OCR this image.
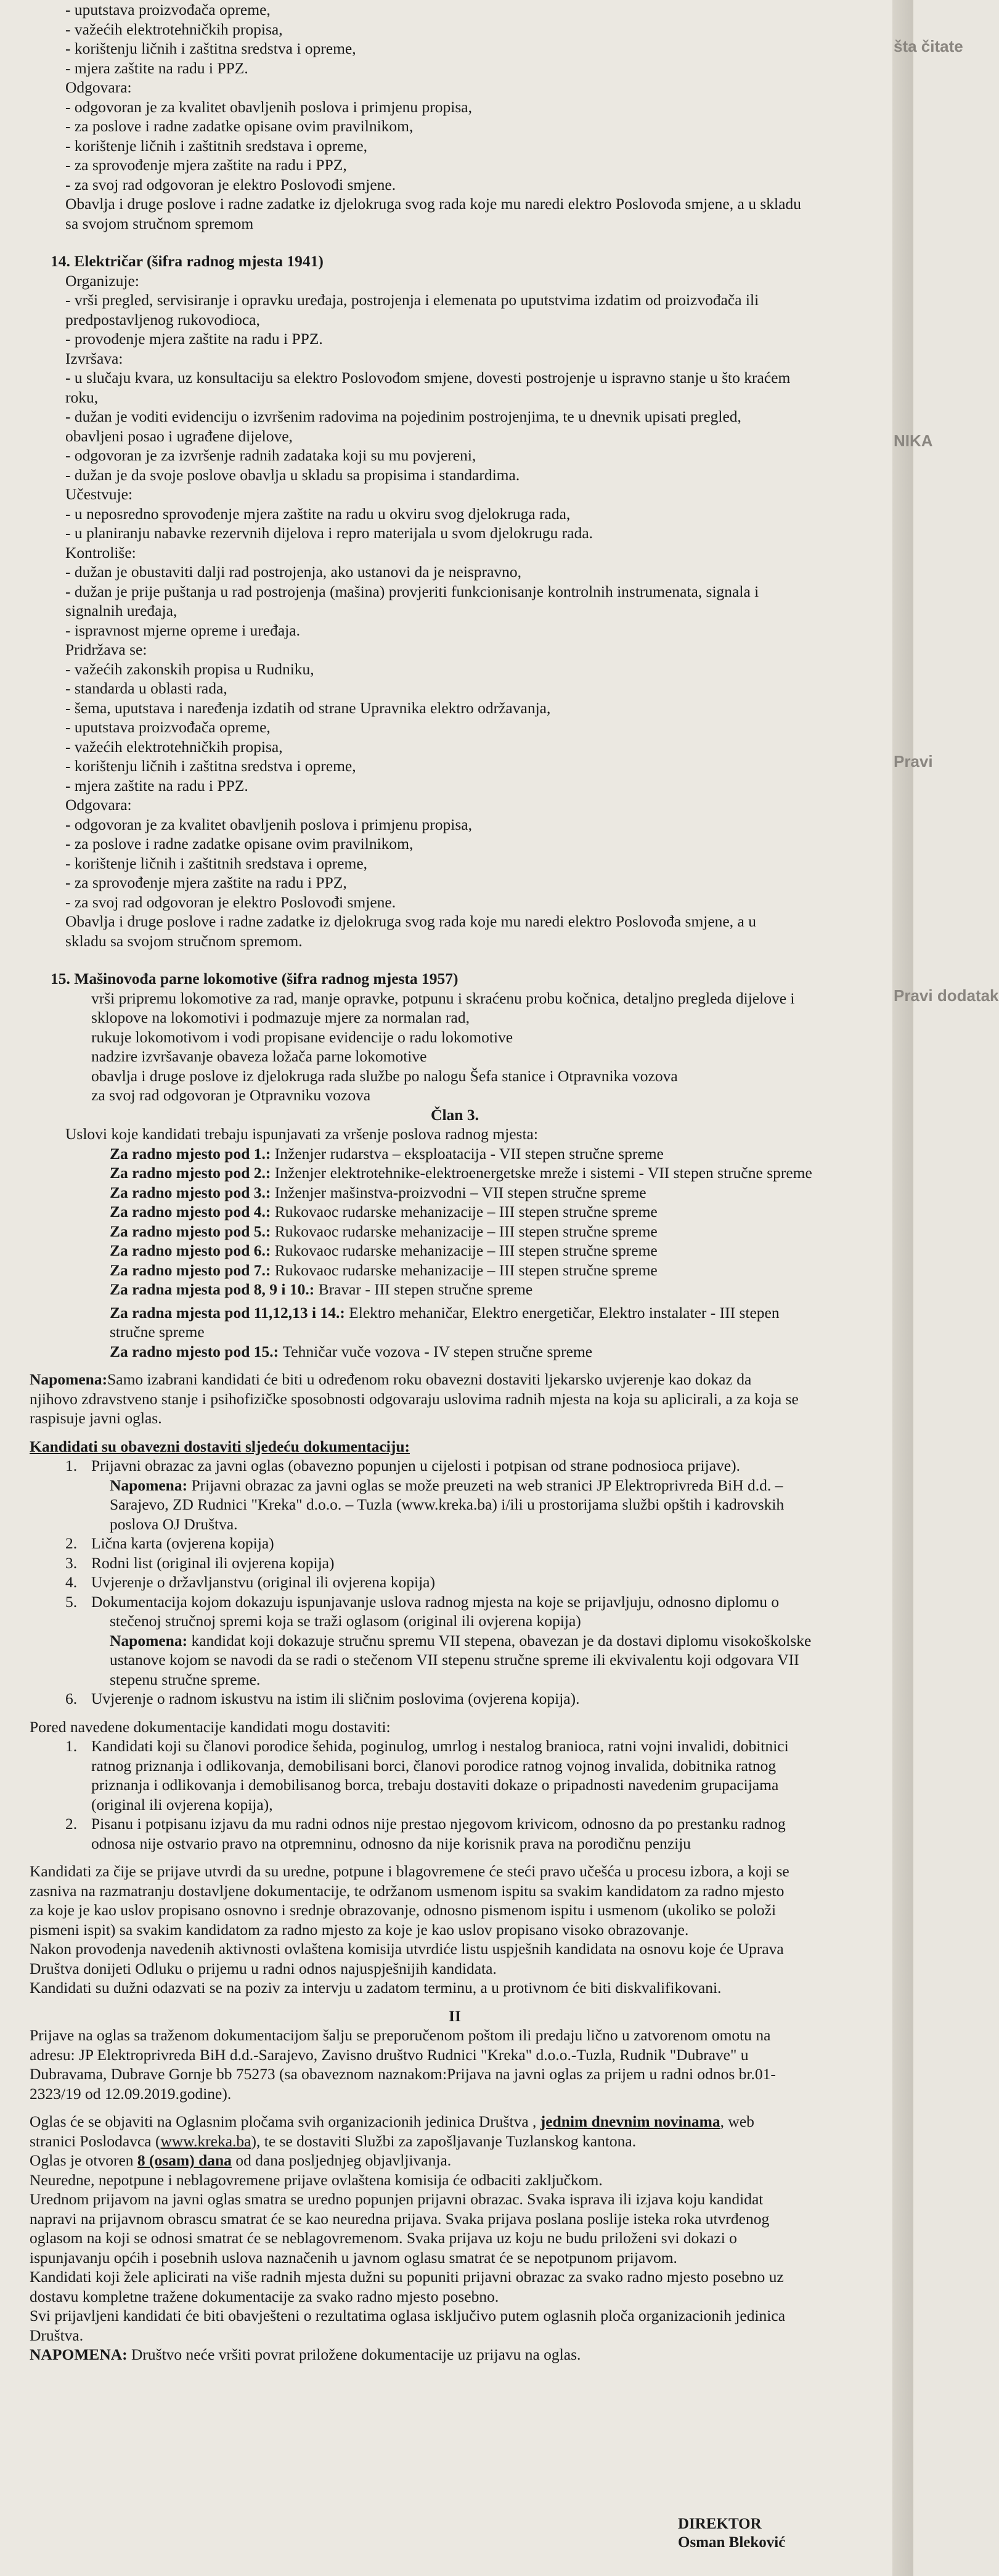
šta čitate
NIKA
Pravi
Pravi dodatak
- uputstava proizvođača opreme,
- važećih elektrotehničkih propisa,
- korištenju ličnih i zaštitna sredstva i opreme,
- mjera zaštite na radu i PPZ.
Odgovara:
- odgovoran je za kvalitet obavljenih poslova i primjenu propisa,
- za poslove i radne zadatke opisane ovim pravilnikom,
- korištenje ličnih i zaštitnih sredstava i opreme,
- za sprovođenje mjera zaštite na radu i PPZ,
- za svoj rad odgovoran je elektro Poslovođi smjene.
Obavlja i druge poslove i radne zadatke iz djelokruga svog rada koje mu naredi elektro Poslovođa smjene, a u skladu
sa svojom stručnom spremom
14. Električar (šifra radnog mjesta 1941)
Organizuje:
- vrši pregled, servisiranje i opravku uređaja, postrojenja i elemenata po uputstvima izdatim od proizvođača ili
predpostavljenog rukovodioca,
- provođenje mjera zaštite na radu i PPZ.
Izvršava:
- u slučaju kvara, uz konsultaciju sa elektro Poslovođom smjene, dovesti postrojenje u ispravno stanje u što kraćem
roku,
- dužan je voditi evidenciju o izvršenim radovima na pojedinim postrojenjima, te u dnevnik upisati pregled,
obavljeni posao i ugrađene dijelove,
- odgovoran je za izvršenje radnih zadataka koji su mu povjereni,
- dužan je da svoje poslove obavlja u skladu sa propisima i standardima.
Učestvuje:
- u neposredno sprovođenje mjera zaštite na radu u okviru svog djelokruga rada,
- u planiranju nabavke rezervnih dijelova i repro materijala u svom djelokrugu rada.
Kontroliše:
- dužan je obustaviti dalji rad postrojenja, ako ustanovi da je neispravno,
- dužan je prije puštanja u rad postrojenja (mašina) provjeriti funkcionisanje kontrolnih instrumenata, signala i
signalnih uređaja,
- ispravnost mjerne opreme i uređaja.
Pridržava se:
- važećih zakonskih propisa u Rudniku,
- standarda u oblasti rada,
- šema, uputstava i naređenja izdatih od strane Upravnika elektro održavanja,
- uputstava proizvođača opreme,
- važećih elektrotehničkih propisa,
- korištenju ličnih i zaštitna sredstva i opreme,
- mjera zaštite na radu i PPZ.
Odgovara:
- odgovoran je za kvalitet obavljenih poslova i primjenu propisa,
- za poslove i radne zadatke opisane ovim pravilnikom,
- korištenje ličnih i zaštitnih sredstava i opreme,
- za sprovođenje mjera zaštite na radu i PPZ,
- za svoj rad odgovoran je elektro Poslovođi smjene.
Obavlja i druge poslove i radne zadatke iz djelokruga svog rada koje mu naredi elektro Poslovođa smjene, a u
skladu sa svojom stručnom spremom.
15. Mašinovođa parne lokomotive (šifra radnog mjesta 1957)
vrši pripremu lokomotive za rad, manje opravke, potpunu i skraćenu probu kočnica, detaljno pregleda dijelove i
sklopove na lokomotivi i podmazuje mjere za normalan rad,
rukuje lokomotivom i vodi propisane evidencije o radu lokomotive
nadzire izvršavanje obaveza ložača parne lokomotive
obavlja i druge poslove iz djelokruga rada službe po nalogu Šefa stanice i Otpravnika vozova
za svoj rad odgovoran je Otpravniku vozova
Član 3.
Uslovi koje kandidati trebaju ispunjavati za vršenje poslova radnog mjesta:
Za radno mjesto pod 1.: Inženjer rudarstva – eksploatacija - VII stepen stručne spreme
Za radno mjesto pod 2.: Inženjer elektrotehnike-elektroenergetske mreže i sistemi - VII stepen stručne spreme
Za radno mjesto pod 3.: Inženjer mašinstva-proizvodni – VII stepen stručne spreme
Za radno mjesto pod 4.: Rukovaoc rudarske mehanizacije – III stepen stručne spreme
Za radno mjesto pod 5.: Rukovaoc rudarske mehanizacije – III stepen stručne spreme
Za radno mjesto pod 6.: Rukovaoc rudarske mehanizacije – III stepen stručne spreme
Za radno mjesto pod 7.: Rukovaoc rudarske mehanizacije – III stepen stručne spreme
Za radna mjesta pod 8, 9 i 10.: Bravar - III stepen stručne spreme
Za radna mjesta pod 11,12,13 i 14.: Elektro mehaničar, Elektro energetičar, Elektro instalater - III stepen
stručne spreme
Za radno mjesto pod 15.: Tehničar vuče vozova - IV stepen stručne spreme
Napomena:Samo izabrani kandidati će biti u određenom roku obavezni dostaviti ljekarsko uvjerenje kao dokaz da
njihovo zdravstveno stanje i psihofizičke sposobnosti odgovaraju uslovima radnih mjesta na koja su aplicirali, a za koja se
raspisuje javni oglas.
Kandidati su obavezni dostaviti sljedeću dokumentaciju:
1. Prijavni obrazac za javni oglas (obavezno popunjen u cijelosti i potpisan od strane podnosioca prijave).
Napomena: Prijavni obrazac za javni oglas se može preuzeti na web stranici JP Elektroprivreda BiH d.d. –
Sarajevo, ZD Rudnici "Kreka" d.o.o. – Tuzla (www.kreka.ba) i/ili u prostorijama službi opštih i kadrovskih
poslova OJ Društva.
2. Lična karta (ovjerena kopija)
3. Rodni list (original ili ovjerena kopija)
4. Uvjerenje o državljanstvu (original ili ovjerena kopija)
5. Dokumentacija kojom dokazuju ispunjavanje uslova radnog mjesta na koje se prijavljuju, odnosno diplomu o
stečenoj stručnoj spremi koja se traži oglasom (original ili ovjerena kopija)
Napomena: kandidat koji dokazuje stručnu spremu VII stepena, obavezan je da dostavi diplomu visokoškolske
ustanove kojom se navodi da se radi o stečenom VII stepenu stručne spreme ili ekvivalentu koji odgovara VII
stepenu stručne spreme.
6. Uvjerenje o radnom iskustvu na istim ili sličnim poslovima (ovjerena kopija).
Pored navedene dokumentacije kandidati mogu dostaviti:
1. Kandidati koji su članovi porodice šehida, poginulog, umrlog i nestalog branioca, ratni vojni invalidi, dobitnici
ratnog priznanja i odlikovanja, demobilisani borci, članovi porodice ratnog vojnog invalida, dobitnika ratnog
priznanja i odlikovanja i demobilisanog borca, trebaju dostaviti dokaze o pripadnosti navedenim grupacijama
(original ili ovjerena kopija),
2. Pisanu i potpisanu izjavu da mu radni odnos nije prestao njegovom krivicom, odnosno da po prestanku radnog
odnosa nije ostvario pravo na otpremninu, odnosno da nije korisnik prava na porodičnu penziju
Kandidati za čije se prijave utvrdi da su uredne, potpune i blagovremene će steći pravo učešća u procesu izbora, a koji se
zasniva na razmatranju dostavljene dokumentacije, te održanom usmenom ispitu sa svakim kandidatom za radno mjesto
za koje je kao uslov propisano osnovno i srednje obrazovanje, odnosno pismenom ispitu i usmenom (ukoliko se položi
pismeni ispit) sa svakim kandidatom za radno mjesto za koje je kao uslov propisano visoko obrazovanje.
Nakon provođenja navedenih aktivnosti ovlaštena komisija utvrdiće listu uspješnih kandidata na osnovu koje će Uprava
Društva donijeti Odluku o prijemu u radni odnos najuspješnijih kandidata.
Kandidati su dužni odazvati se na poziv za intervju u zadatom terminu, a u protivnom će biti diskvalifikovani.
II
Prijave na oglas sa traženom dokumentacijom šalju se preporučenom poštom ili predaju lično u zatvorenom omotu na
adresu: JP Elektroprivreda BiH d.d.-Sarajevo, Zavisno društvo Rudnici "Kreka" d.o.o.-Tuzla, Rudnik "Dubrave" u
Dubravama, Dubrave Gornje bb 75273 (sa obaveznom naznakom:Prijava na javni oglas za prijem u radni odnos br.01-
2323/19 od 12.09.2019.godine).
Oglas će se objaviti na Oglasnim pločama svih organizacionih jedinica Društva , jednim dnevnim novinama, web
stranici Poslodavca (www.kreka.ba), te se dostaviti Službi za zapošljavanje Tuzlanskog kantona.
Oglas je otvoren 8 (osam) dana od dana posljednjeg objavljivanja.
Neuredne, nepotpune i neblagovremene prijave ovlaštena komisija će odbaciti zaključkom.
Urednom prijavom na javni oglas smatra se uredno popunjen prijavni obrazac. Svaka isprava ili izjava koju kandidat
napravi na prijavnom obrascu smatrat će se kao neuredna prijava. Svaka prijava poslana poslije isteka roka utvrđenog
oglasom na koji se odnosi smatrat će se neblagovremenom. Svaka prijava uz koju ne budu priloženi svi dokazi o
ispunjavanju općih i posebnih uslova naznačenih u javnom oglasu smatrat će se nepotpunom prijavom.
Kandidati koji žele aplicirati na više radnih mjesta dužni su popuniti prijavni obrazac za svako radno mjesto posebno uz
dostavu kompletne tražene dokumentacije za svako radno mjesto posebno.
Svi prijavljeni kandidati će biti obavješteni o rezultatima oglasa isključivo putem oglasnih ploča organizacionih jedinica
Društva.
NAPOMENA: Društvo neće vršiti povrat priložene dokumentacije uz prijavu na oglas.
DIREKTOR
Osman Bleković
